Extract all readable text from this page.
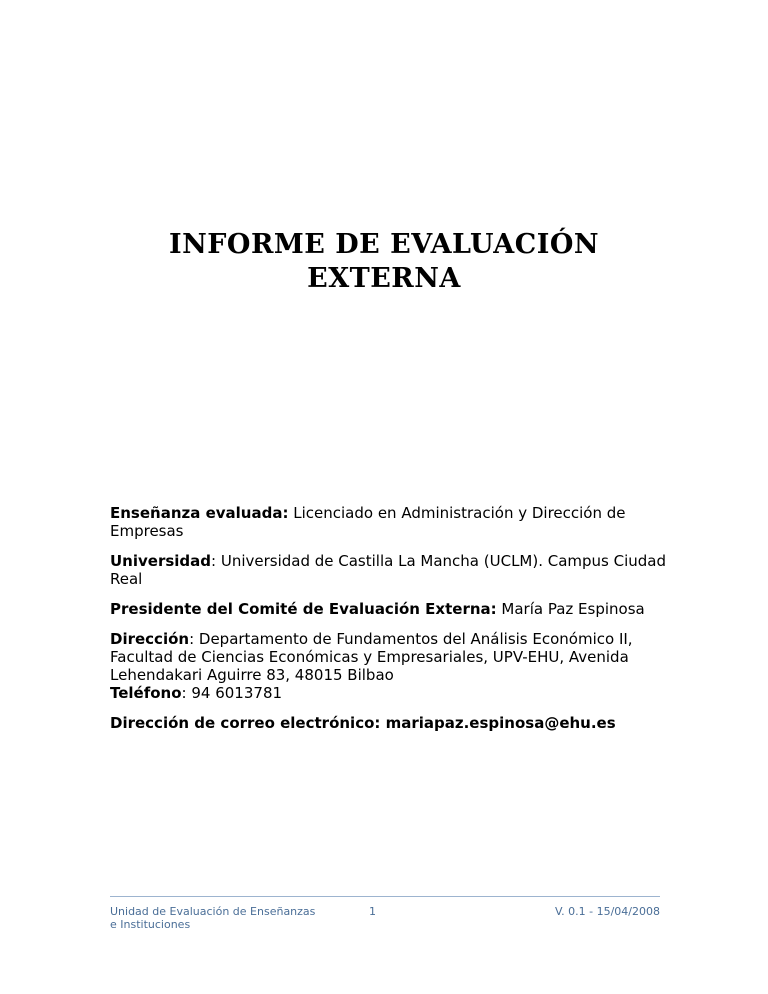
INFORME DE EVALUACIÓN
EXTERNA

Enseñanza evaluada: Licenciado en Administración y Dirección de Empresas

Universidad: Universidad de Castilla La Mancha (UCLM). Campus Ciudad Real

Presidente del Comité de Evaluación Externa: María Paz Espinosa

Dirección: Departamento de Fundamentos del Análisis Económico II, Facultad de Ciencias Económicas y Empresariales, UPV-EHU, Avenida Lehendakari Aguirre 83, 48015 Bilbao

Teléfono: 94 6013781

Dirección de correo electrónico: mariapaz.espinosa@ehu.es

Unidad de Evaluación de Enseñanzas e Instituciones
1	V. 0.1 - 15/04/2008
